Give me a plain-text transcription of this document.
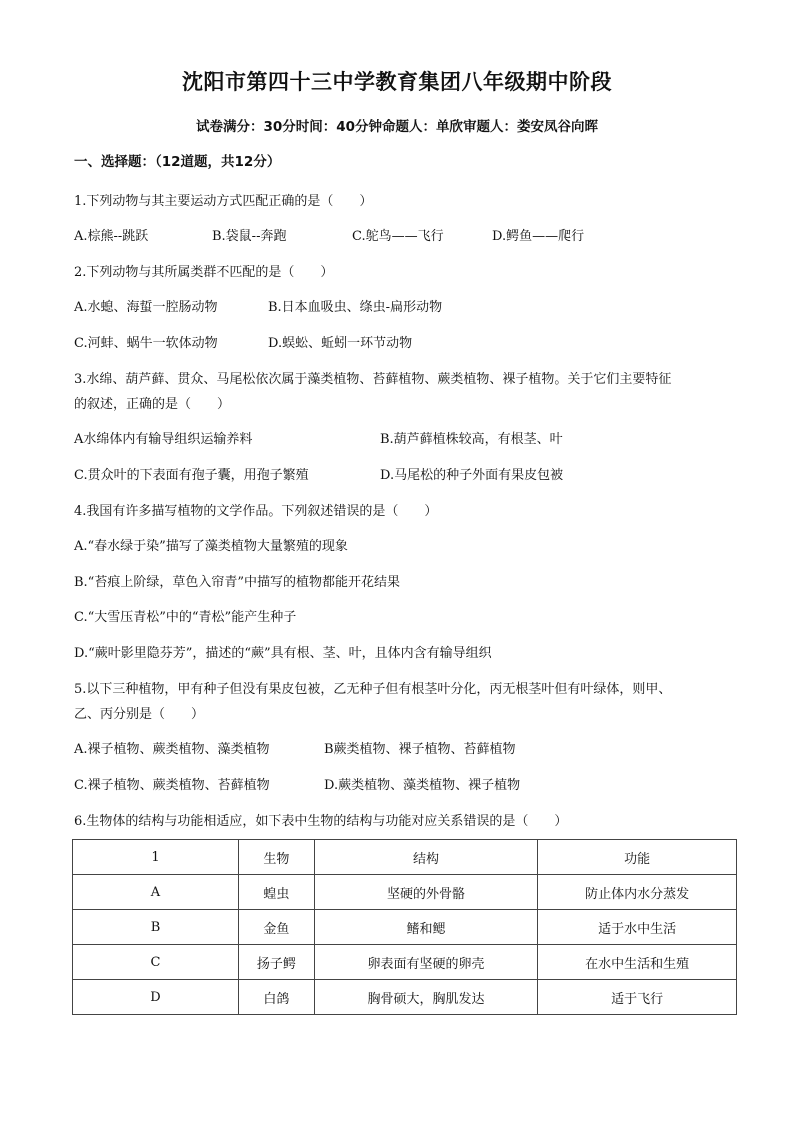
沈阳市第四十三中学教育集团八年级期中阶段
试卷满分：30分时间：40分钟命题人：单欣审题人：娄安凤谷向晖
一、选择题：（12道题，共12分）
1.下列动物与其主要运动方式匹配正确的是（　　）
A.棕熊--跳跃	B.袋鼠--奔跑	C.鸵鸟——飞行	D.鳄鱼——爬行
2.下列动物与其所属类群不匹配的是（　　）
A.水螅、海蜇一腔肠动物	B.日本血吸虫、绦虫-扁形动物
C.河蚌、蜗牛一软体动物	D.蜈蚣、蚯蚓一环节动物
3.水绵、葫芦藓、贯众、马尾松依次属于藻类植物、苔藓植物、蕨类植物、裸子植物。关于它们主要特征
的叙述，正确的是（　　）
A水绵体内有输导组织运输养料	B.葫芦藓植株较高，有根茎、叶
C.贯众叶的下表面有孢子囊，用孢子繁殖	D.马尾松的种子外面有果皮包被
4.我国有许多描写植物的文学作品。下列叙述错误的是（　　）
A.“春水绿于染”描写了藻类植物大量繁殖的现象
B.“苔痕上阶绿，草色入帘青”中描写的植物都能开花结果
C.“大雪压青松”中的“青松”能产生种子
D.“蕨叶影里隐芬芳”，描述的“蕨”具有根、茎、叶，且体内含有输导组织
5.以下三种植物，甲有种子但没有果皮包被，乙无种子但有根茎叶分化，丙无根茎叶但有叶绿体，则甲、
乙、丙分别是（　　）
A.裸子植物、蕨类植物、藻类植物	B蕨类植物、裸子植物、苔藓植物
C.裸子植物、蕨类植物、苔藓植物	D.蕨类植物、藻类植物、裸子植物
6.生物体的结构与功能相适应，如下表中生物的结构与功能对应关系错误的是（　　）
1	生物	结构	功能
A	蝗虫	坚硬的外骨骼	防止体内水分蒸发
B	金鱼	鳍和鳃	适于水中生活
C	扬子鳄	卵表面有坚硬的卵壳	在水中生活和生殖
D	白鸽	胸骨硕大，胸肌发达	适于飞行
